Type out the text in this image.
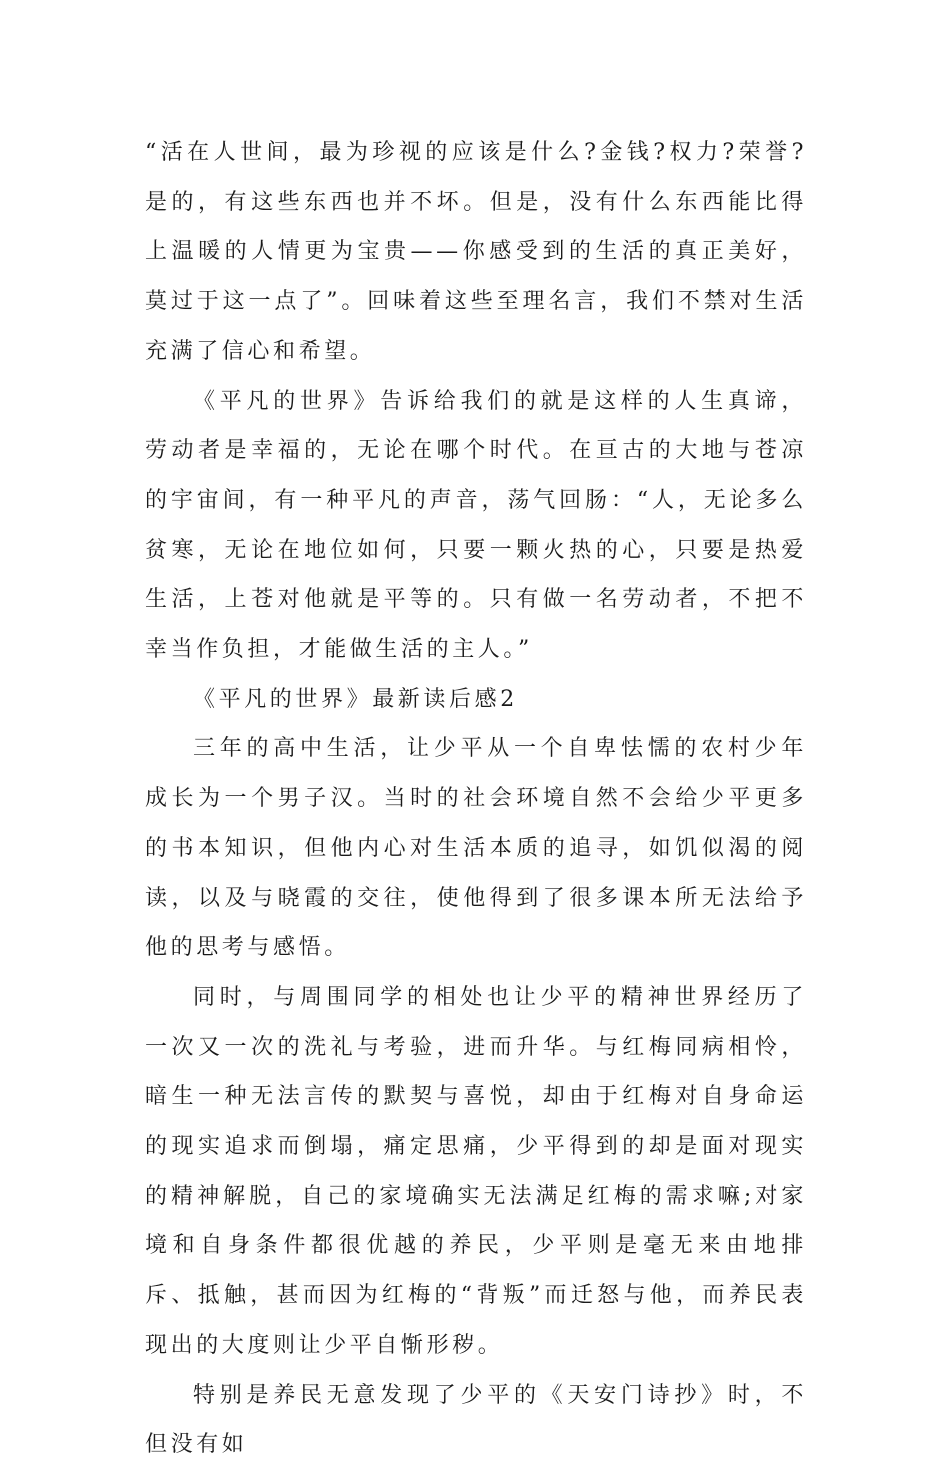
“活在人世间，最为珍视的应该是什么?金钱?权力?荣誉?是的，有这些东西也并不坏。但是，没有什么东西能比得上温暖的人情更为宝贵——你感受到的生活的真正美好，莫过于这一点了”。回味着这些至理名言，我们不禁对生活充满了信心和希望。

《平凡的世界》告诉给我们的就是这样的人生真谛，劳动者是幸福的，无论在哪个时代。在亘古的大地与苍凉的宇宙间，有一种平凡的声音，荡气回肠：“人，无论多么贫寒，无论在地位如何，只要一颗火热的心，只要是热爱生活，上苍对他就是平等的。只有做一名劳动者，不把不幸当作负担，才能做生活的主人。”

《平凡的世界》最新读后感2

三年的高中生活，让少平从一个自卑怯懦的农村少年成长为一个男子汉。当时的社会环境自然不会给少平更多的书本知识，但他内心对生活本质的追寻，如饥似渴的阅读，以及与晓霞的交往，使他得到了很多课本所无法给予他的思考与感悟。

同时，与周围同学的相处也让少平的精神世界经历了一次又一次的洗礼与考验，进而升华。与红梅同病相怜，暗生一种无法言传的默契与喜悦，却由于红梅对自身命运的现实追求而倒塌，痛定思痛，少平得到的却是面对现实的精神解脱，自己的家境确实无法满足红梅的需求嘛;对家境和自身条件都很优越的养民，少平则是毫无来由地排斥、抵触，甚而因为红梅的“背叛”而迁怒与他，而养民表现出的大度则让少平自惭形秽。

特别是养民无意发现了少平的《天安门诗抄》时，不但没有如
